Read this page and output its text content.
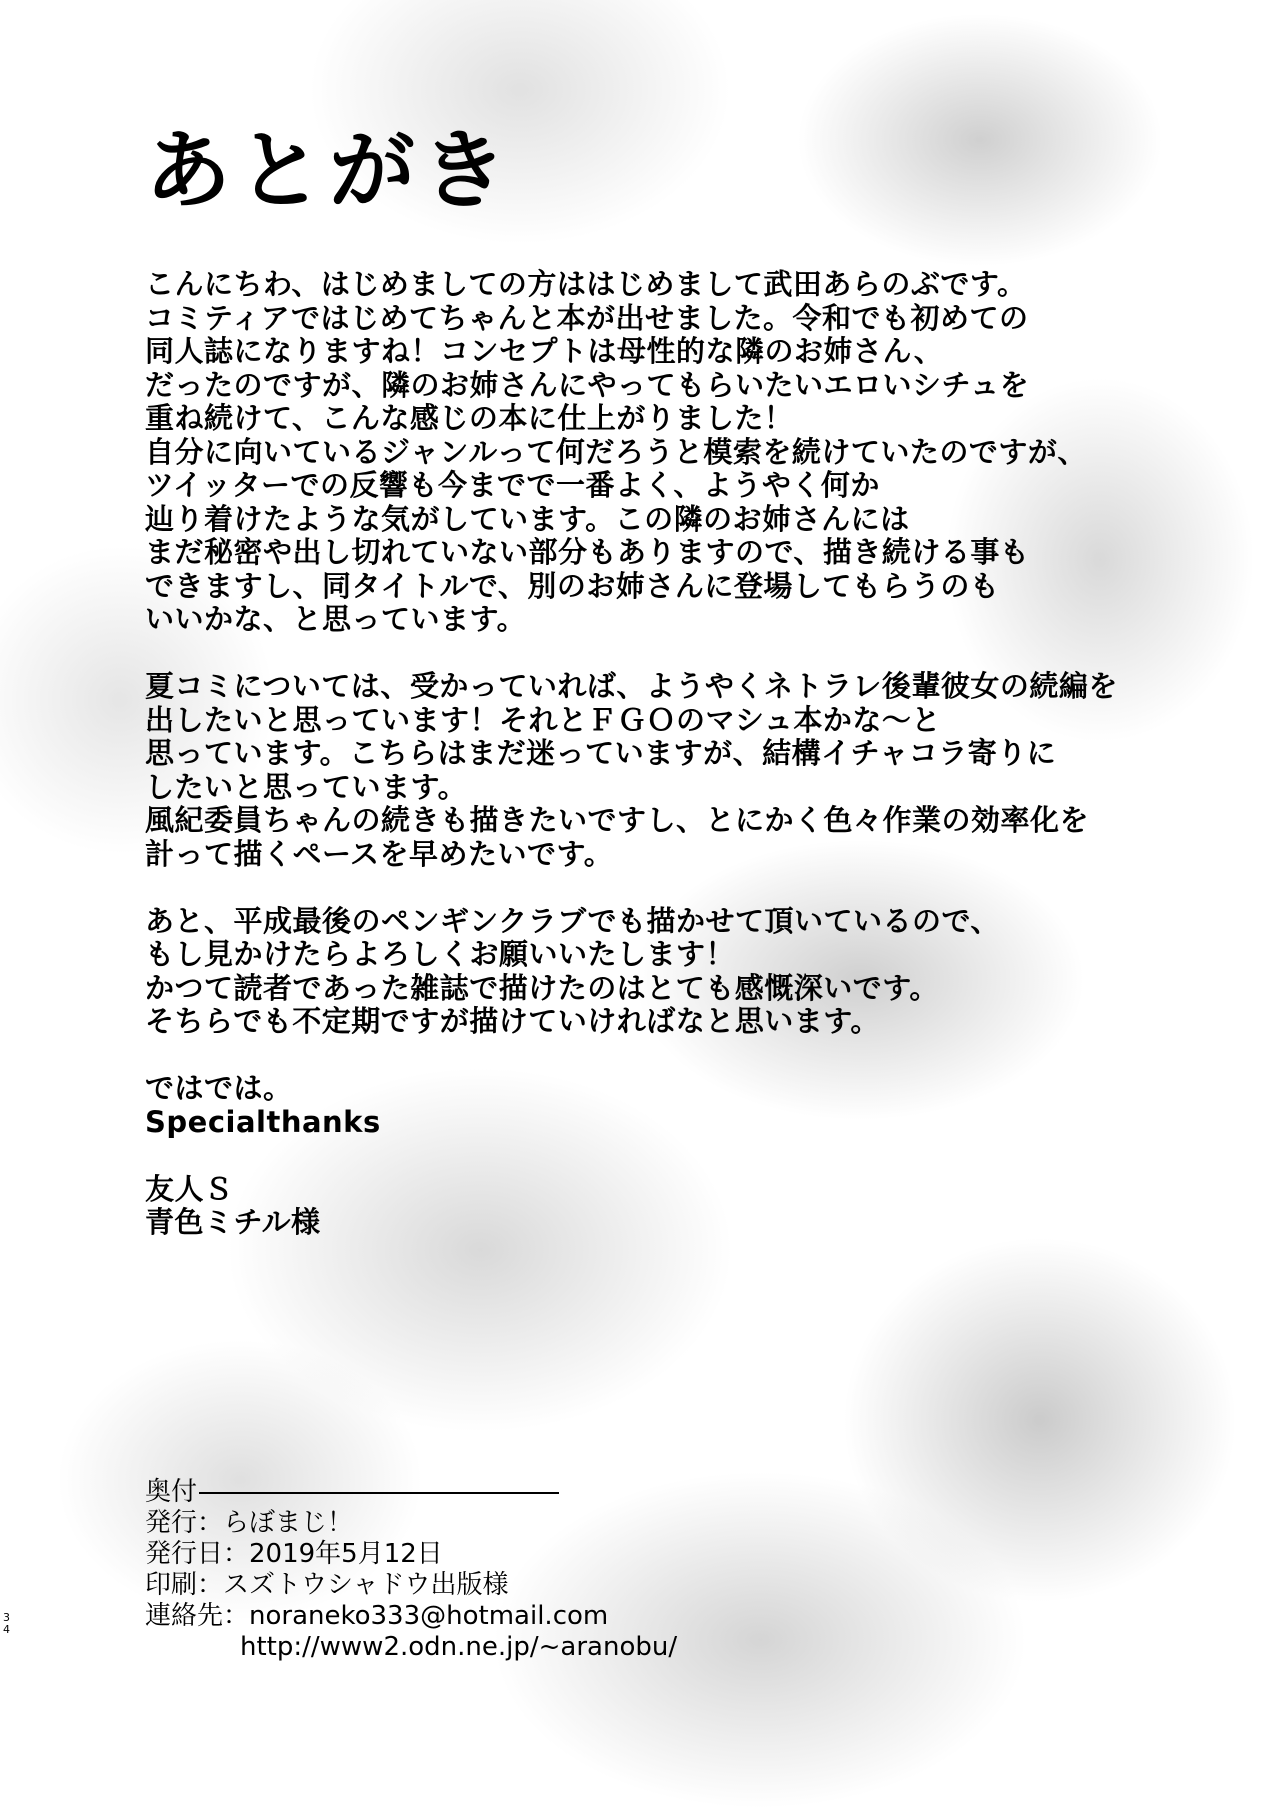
あとがき
こんにちわ、はじめましての方ははじめまして武田あらのぶです。
コミティアではじめてちゃんと本が出せました。令和でも初めての
同人誌になりますね！コンセプトは母性的な隣のお姉さん、
だったのですが、隣のお姉さんにやってもらいたいエロいシチュを
重ね続けて、こんな感じの本に仕上がりました！
自分に向いているジャンルって何だろうと模索を続けていたのですが、
ツイッターでの反響も今までで一番よく、ようやく何か
辿り着けたような気がしています。この隣のお姉さんには
まだ秘密や出し切れていない部分もありますので、描き続ける事も
できますし、同タイトルで、別のお姉さんに登場してもらうのも
いいかな、と思っています。
夏コミについては、受かっていれば、ようやくネトラレ後輩彼女の続編を
出したいと思っています！それとＦＧＯのマシュ本かな〜と
思っています。こちらはまだ迷っていますが、結構イチャコラ寄りに
したいと思っています。
風紀委員ちゃんの続きも描きたいですし、とにかく色々作業の効率化を
計って描くペースを早めたいです。
あと、平成最後のペンギンクラブでも描かせて頂いているので、
もし見かけたらよろしくお願いいたします！
かつて読者であった雑誌で描けたのはとても感慨深いです。
そちらでも不定期ですが描けていければなと思います。
ではでは。
Specialthanks
友人Ｓ
青色ミチル様
奥付
発行：らぼまじ！
発行日：2019年5月12日
印刷：スズトウシャドウ出版様
連絡先：noraneko333@hotmail.com
http://www2.odn.ne.jp/~aranobu/
34
